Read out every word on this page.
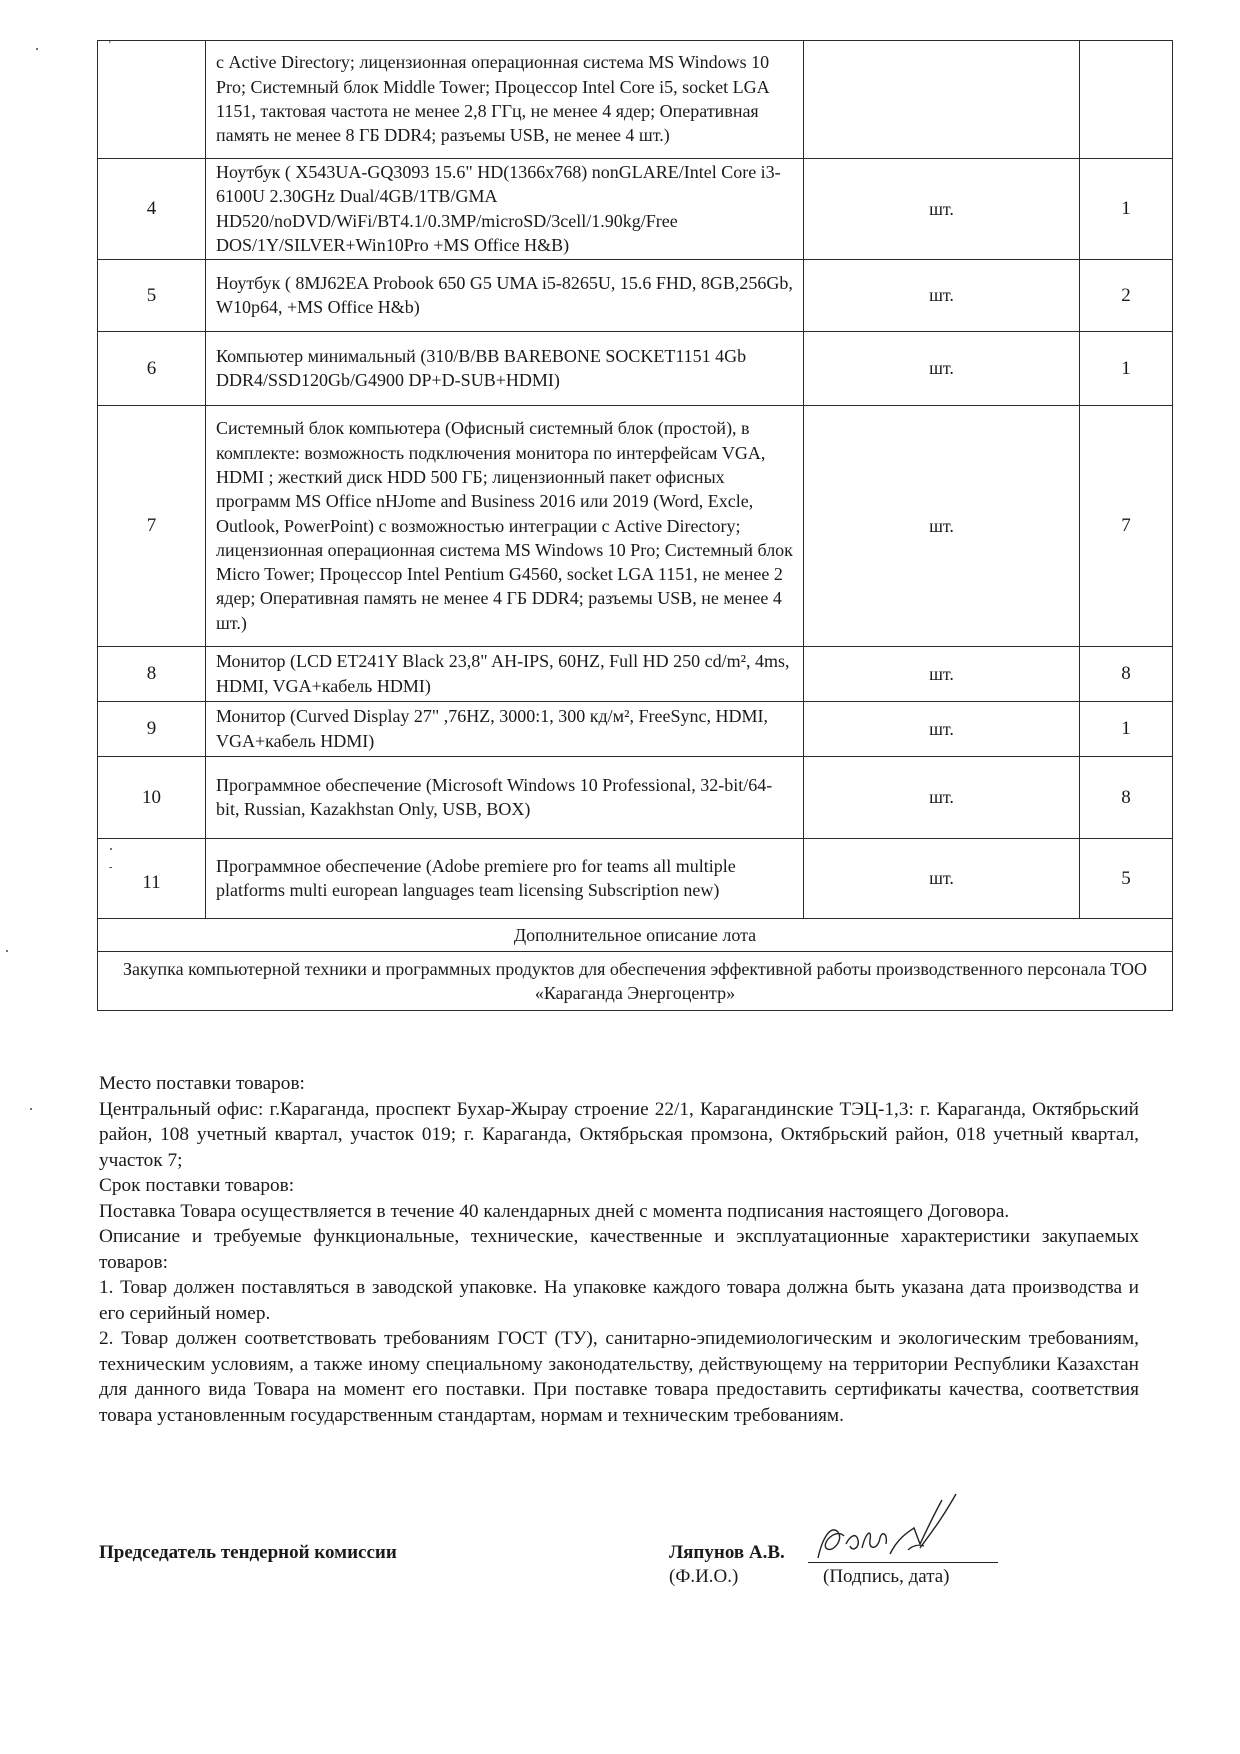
'	с Active Directory; лицензионная операционная система MS Windows 10 Pro; Системный блок Middle Tower; Процессор Intel Core i5, socket LGA 1151, тактовая частота не менее 2,8 ГГц, не менее 4 ядер; Оперативная память не менее 8 ГБ DDR4; разъемы USB, не менее 4 шт.)		
4	Ноутбук ( X543UA-GQ3093 15.6" HD(1366x768) nonGLARE/Intel Core i3-6100U 2.30GHz Dual/4GB/1TB/GMA HD520/noDVD/WiFi/BT4.1/0.3MP/microSD/3cell/1.90kg/Free DOS/1Y/SILVER+Win10Pro +MS Office H&B)	шт.	1
5	Ноутбук ( 8MJ62EA Probook 650 G5 UMA i5-8265U, 15.6 FHD, 8GB,256Gb, W10p64, +MS Office H&b)	шт.	2
6	Компьютер минимальный (310/B/BB BAREBONE SOCKET1151 4Gb DDR4/SSD120Gb/G4900 DP+D-SUB+HDMI)	шт.	1
7	Системный блок компьютера (Офисный системный блок (простой), в комплекте: возможность подключения монитора по интерфейсам VGA, HDMI ; жесткий диск HDD 500 ГБ; лицензионный пакет офисных программ MS Office nHJome and Business 2016 или 2019 (Word, Excle, Outlook, PowerPoint) с возможностью интеграции с Active Directory; лицензионная операционная система MS Windows 10 Pro; Системный блок Micro Tower; Процессор Intel Pentium G4560, socket LGA 1151, не менее 2 ядер; Оперативная память не менее 4 ГБ DDR4; разъемы USB, не менее 4 шт.)	шт.	7
8	Монитор (LCD ET241Y Black 23,8" AH-IPS, 60HZ, Full HD 250 cd/m², 4ms, HDMI, VGA+кабель HDMI)	шт.	8
9	Монитор (Curved Display 27" ,76HZ, 3000:1, 300 кд/м², FreeSync, HDMI, VGA+кабель HDMI)	шт.	1
10	Программное обеспечение (Microsoft Windows 10 Professional, 32-bit/64-bit, Russian, Kazakhstan Only, USB, BOX)	шт.	8

-
11	Программное обеспечение (Adobe premiere pro for teams all multiple platforms multi european languages team licensing Subscription new)	шт.	5
Дополнительное описание лота			
Закупка компьютерной техники и программных продуктов для обеспечения эффективной работы производственного персонала ТОО «Караганда Энергоцентр»			

Место поставки товаров:

Центральный офис: г.Караганда, проспект Бухар-Жырау строение 22/1, Карагандинские ТЭЦ-1,3: г. Караганда, Октябрьский район, 108 учетный квартал, участок 019; г. Караганда, Октябрьская промзона, Октябрьский район, 018 учетный квартал, участок 7;

Срок поставки товаров:

Поставка Товара осуществляется в течение 40 календарных дней с момента подписания настоящего Договора.

Описание и требуемые функциональные, технические, качественные и эксплуатационные характеристики закупаемых товаров:

1. Товар должен поставляться в заводской упаковке. На упаковке каждого товара должна быть указана дата производства и его серийный номер.

2. Товар должен соответствовать требованиям ГОСТ (ТУ), санитарно-эпидемиологическим и экологическим требованиям, техническим условиям, а также иному специальному законодательству, действующему на территории Республики Казахстан для данного вида Товара на момент его поставки. При поставке товара предоставить сертификаты качества, соответствия товара установленным государственным стандартам, нормам и техническим требованиям.

Председатель тендерной комиссии	Ляпунов А.В.
(Ф.И.О.)	(Подпись, дата)
